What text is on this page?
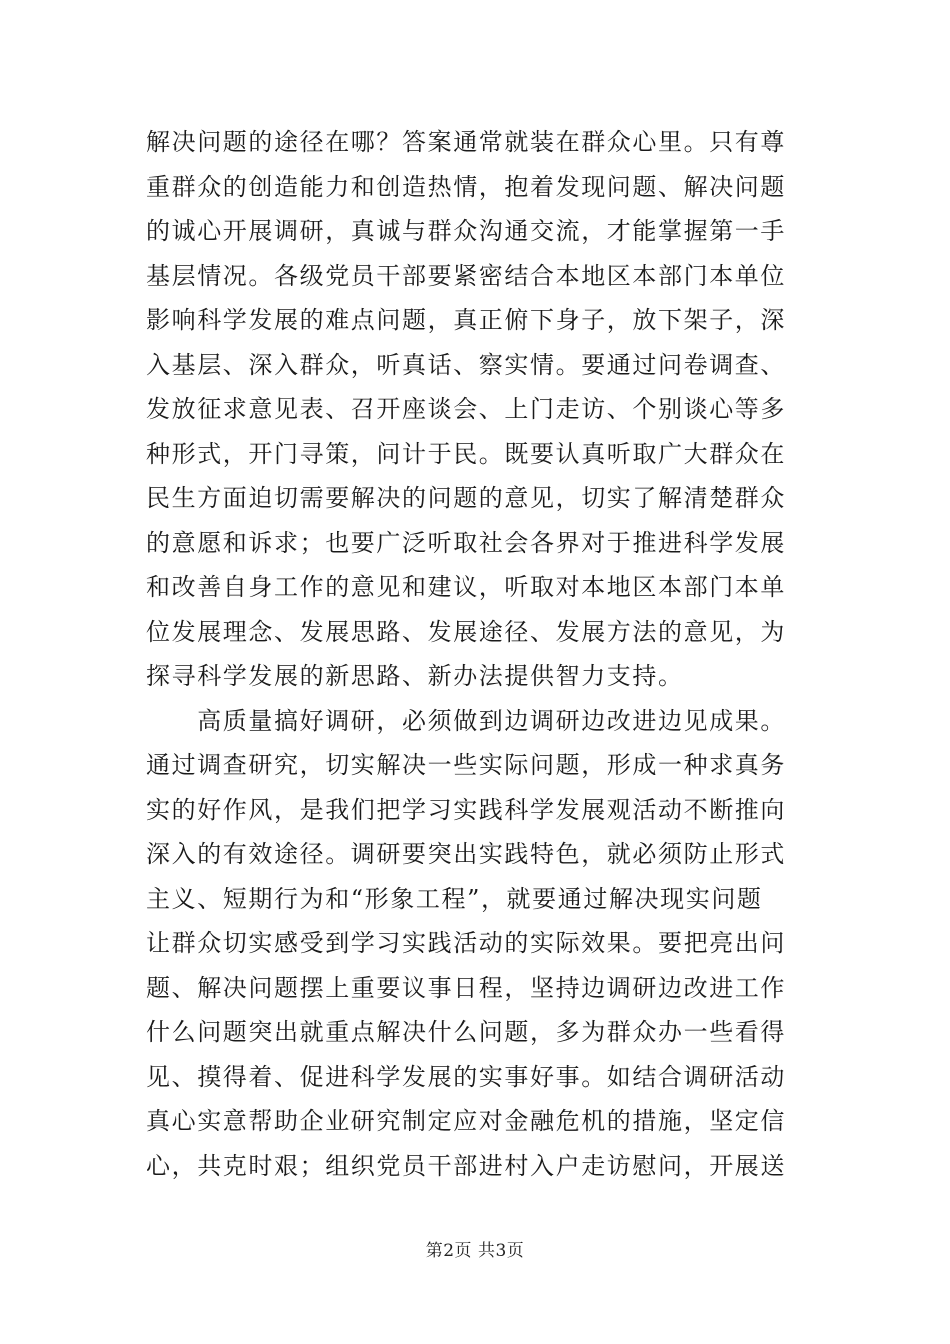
解决问题的途径在哪？答案通常就装在群众心里。只有尊
重群众的创造能力和创造热情，抱着发现问题、解决问题
的诚心开展调研，真诚与群众沟通交流，才能掌握第一手
基层情况。各级党员干部要紧密结合本地区本部门本单位
影响科学发展的难点问题，真正俯下身子，放下架子，深
入基层、深入群众，听真话、察实情。要通过问卷调查、
发放征求意见表、召开座谈会、上门走访、个别谈心等多
种形式，开门寻策，问计于民。既要认真听取广大群众在
民生方面迫切需要解决的问题的意见，切实了解清楚群众
的意愿和诉求；也要广泛听取社会各界对于推进科学发展
和改善自身工作的意见和建议，听取对本地区本部门本单
位发展理念、发展思路、发展途径、发展方法的意见，为
探寻科学发展的新思路、新办法提供智力支持。
　　高质量搞好调研，必须做到边调研边改进边见成果。
通过调查研究，切实解决一些实际问题，形成一种求真务
实的好作风，是我们把学习实践科学发展观活动不断推向
深入的有效途径。调研要突出实践特色，就必须防止形式
主义、短期行为和“形象工程”，就要通过解决现实问题
让群众切实感受到学习实践活动的实际效果。要把亮出问
题、解决问题摆上重要议事日程，坚持边调研边改进工作
什么问题突出就重点解决什么问题，多为群众办一些看得
见、摸得着、促进科学发展的实事好事。如结合调研活动
真心实意帮助企业研究制定应对金融危机的措施，坚定信
心，共克时艰；组织党员干部进村入户走访慰问，开展送
第2页 共3页
